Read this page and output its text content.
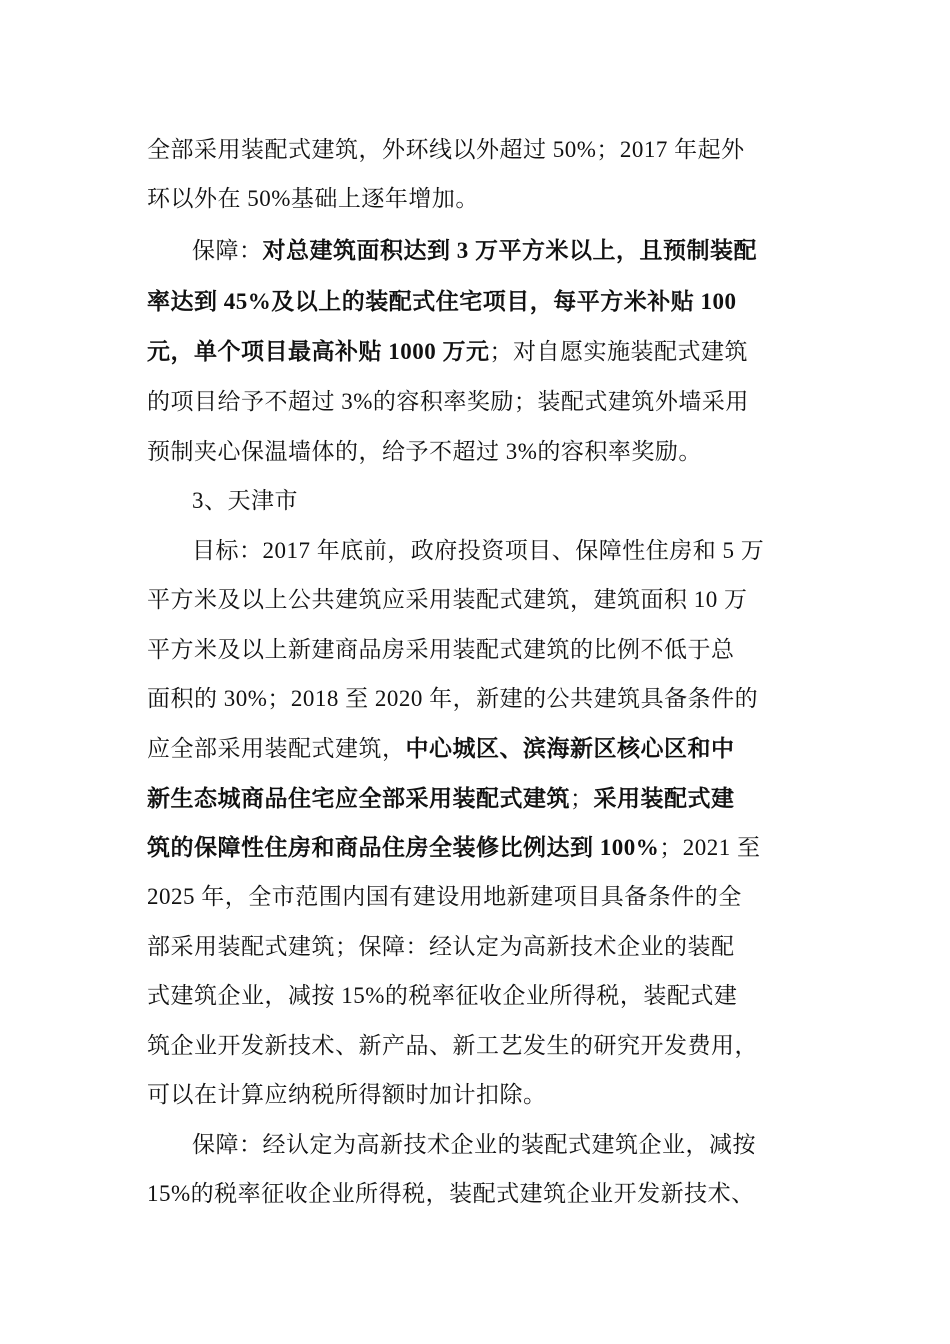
全部采用装配式建筑，外环线以外超过 50%；2017 年起外
环以外在 50%基础上逐年增加。
保障：对总建筑面积达到 3 万平方米以上，且预制装配
率达到 45%及以上的装配式住宅项目，每平方米补贴 100
元，单个项目最高补贴 1000 万元；对自愿实施装配式建筑
的项目给予不超过 3%的容积率奖励；装配式建筑外墙采用
预制夹心保温墙体的，给予不超过 3%的容积率奖励。
3、天津市
目标：2017 年底前，政府投资项目、保障性住房和 5 万
平方米及以上公共建筑应采用装配式建筑，建筑面积 10 万
平方米及以上新建商品房采用装配式建筑的比例不低于总
面积的 30%；2018 至 2020 年，新建的公共建筑具备条件的
应全部采用装配式建筑，中心城区、滨海新区核心区和中
新生态城商品住宅应全部采用装配式建筑；采用装配式建
筑的保障性住房和商品住房全装修比例达到 100%；2021 至
2025 年，全市范围内国有建设用地新建项目具备条件的全
部采用装配式建筑；保障：经认定为高新技术企业的装配
式建筑企业，减按 15%的税率征收企业所得税，装配式建
筑企业开发新技术、新产品、新工艺发生的研究开发费用，
可以在计算应纳税所得额时加计扣除。
保障：经认定为高新技术企业的装配式建筑企业，减按
15%的税率征收企业所得税，装配式建筑企业开发新技术、
